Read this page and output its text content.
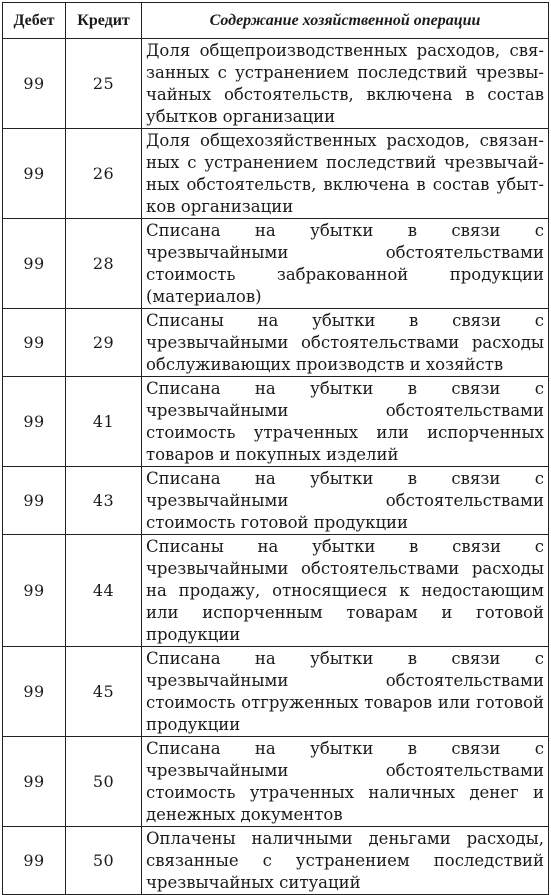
Дебет	Кредит	Содержание хозяйственной операции
99	25	Доля общепроизводственных расходов, связанных с устранением последствий чрезвычайных обстоятельств, включена в состав убытков организации
99	26	Доля общехозяйственных расходов, связанных с устранением последствий чрезвычайных обстоятельств, включена в состав убытков организации
99	28	Списана на убытки в связи с чрезвычайными обстоятельствами стоимость забракованной продукции (материалов)
99	29	Списаны на убытки в связи с чрезвычайными обстоятельствами расходы обслуживающих производств и хозяйств
99	41	Списана на убытки в связи с чрезвычайными обстоятельствами стоимость утраченных или испорченных товаров и покупных изделий
99	43	Списана на убытки в связи с чрезвычайными обстоятельствами стоимость готовой продукции
99	44	Списаны на убытки в связи с чрезвычайными обстоятельствами расходы на продажу, относящиеся к недостающим или испорченным товарам и готовой продукции
99	45	Списана на убытки в связи с чрезвычайными обстоятельствами стоимость отгруженных товаров или готовой продукции
99	50	Списана на убытки в связи с чрезвычайными обстоятельствами стоимость утраченных наличных денег и денежных документов
99	50	Оплачены наличными деньгами расходы, связанные с устранением последствий чрезвычайных ситуаций
